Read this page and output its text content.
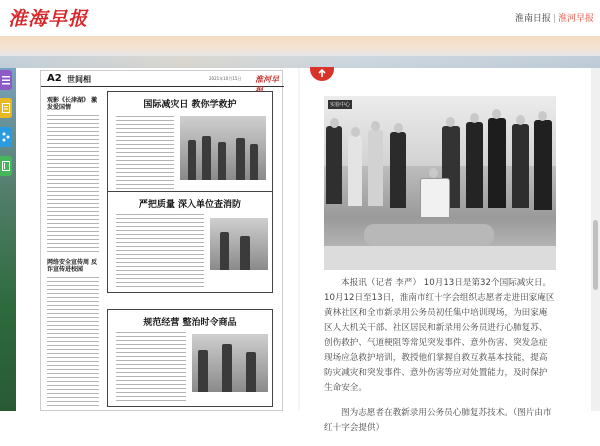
淮海早报	淮南日报 | 淮河早报
A2 世间相	2021年10月15日 淮河早
观影《长津湖》 激发爱国情
网络安全宣传周 反诈宣传进校园
国际减灾日 教你学救护
严把质量 深入单位查消防
规范经营 整治时令商品
实验中心

本报讯（记者 李严） 10月13日是第32个国际减灾日。10月12日至13日，淮南市红十字会组织志愿者走进田家庵区黄林社区和全市新录用公务员初任集中培训现场，为田家庵区人大机关干部、社区居民和新录用公务员进行心肺复苏、创伤救护、气道梗阻等常见突发事件、意外伤害、突发急症现场应急救护培训，教授他们掌握自救互救基本技能，提高防灾减灾和突发事件、意外伤害等应对处置能力，及时保护生命安全。

图为志愿者在教新录用公务员心肺复苏技术。（图片由市红十字会提供）
